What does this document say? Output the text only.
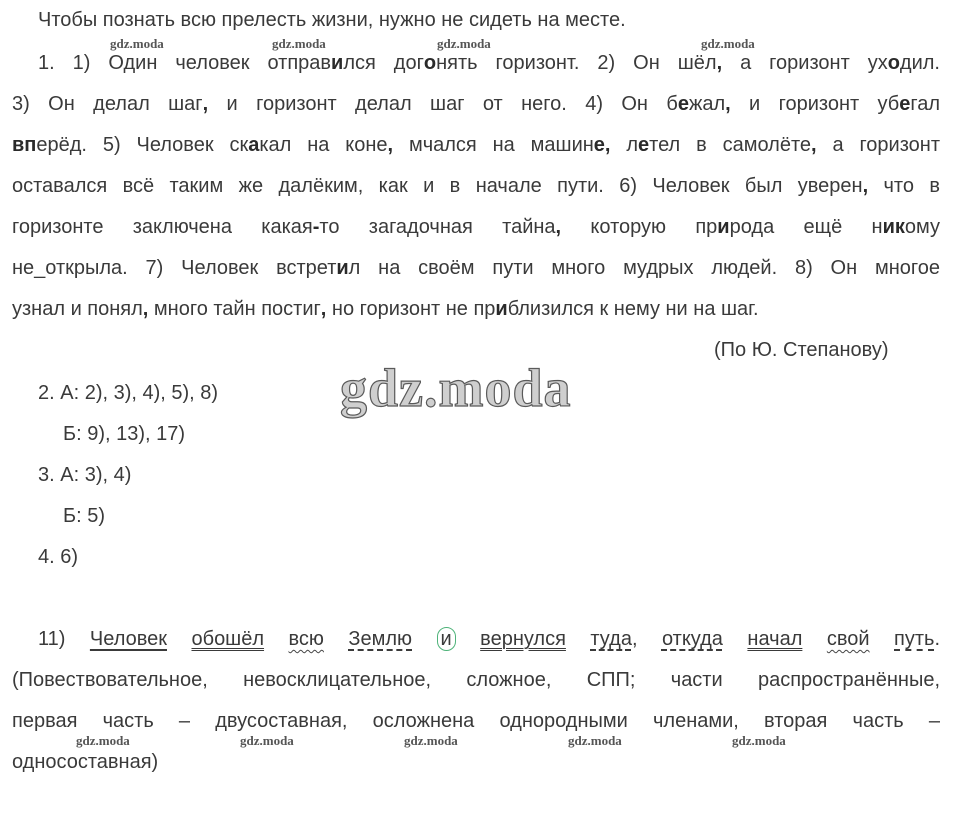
Чтобы познать всю прелесть жизни, нужно не сидеть на месте.
gdz.moda	gdz.moda	gdz.moda	gdz.moda
1. 1) Один человек отправился догонять горизонт. 2) Он шёл, а горизонт уходил.
3) Он делал шаг, и горизонт делал шаг от него. 4) Он бежал, и горизонт убегал
вперёд. 5) Человек скакал на коне, мчался на машине, летел в самолёте, а горизонт
оставался всё таким же далёким, как и в начале пути. 6) Человек был уверен, что в
горизонте заключена какая-то загадочная тайна, которую природа ещё никому
не_открыла. 7) Человек встретил на своём пути много мудрых людей. 8) Он многое
узнал и понял, много тайн постиг, но горизонт не приблизился к нему ни на шаг.
(По Ю. Степанову)
gdz.moda
2. А: 2), 3), 4), 5), 8)
Б: 9), 13), 17)
3. А: 3), 4)
Б: 5)
4. 6)
11) Человек обошёл всю Землю и вернулся туда, откуда начал свой путь.
(Повествовательное, невосклицательное, сложное, СПП; части распространённые,
первая часть – двусоставная, осложнена однородными членами, вторая часть –
gdz.moda	gdz.moda	gdz.moda	gdz.moda	gdz.moda
односоставная)
